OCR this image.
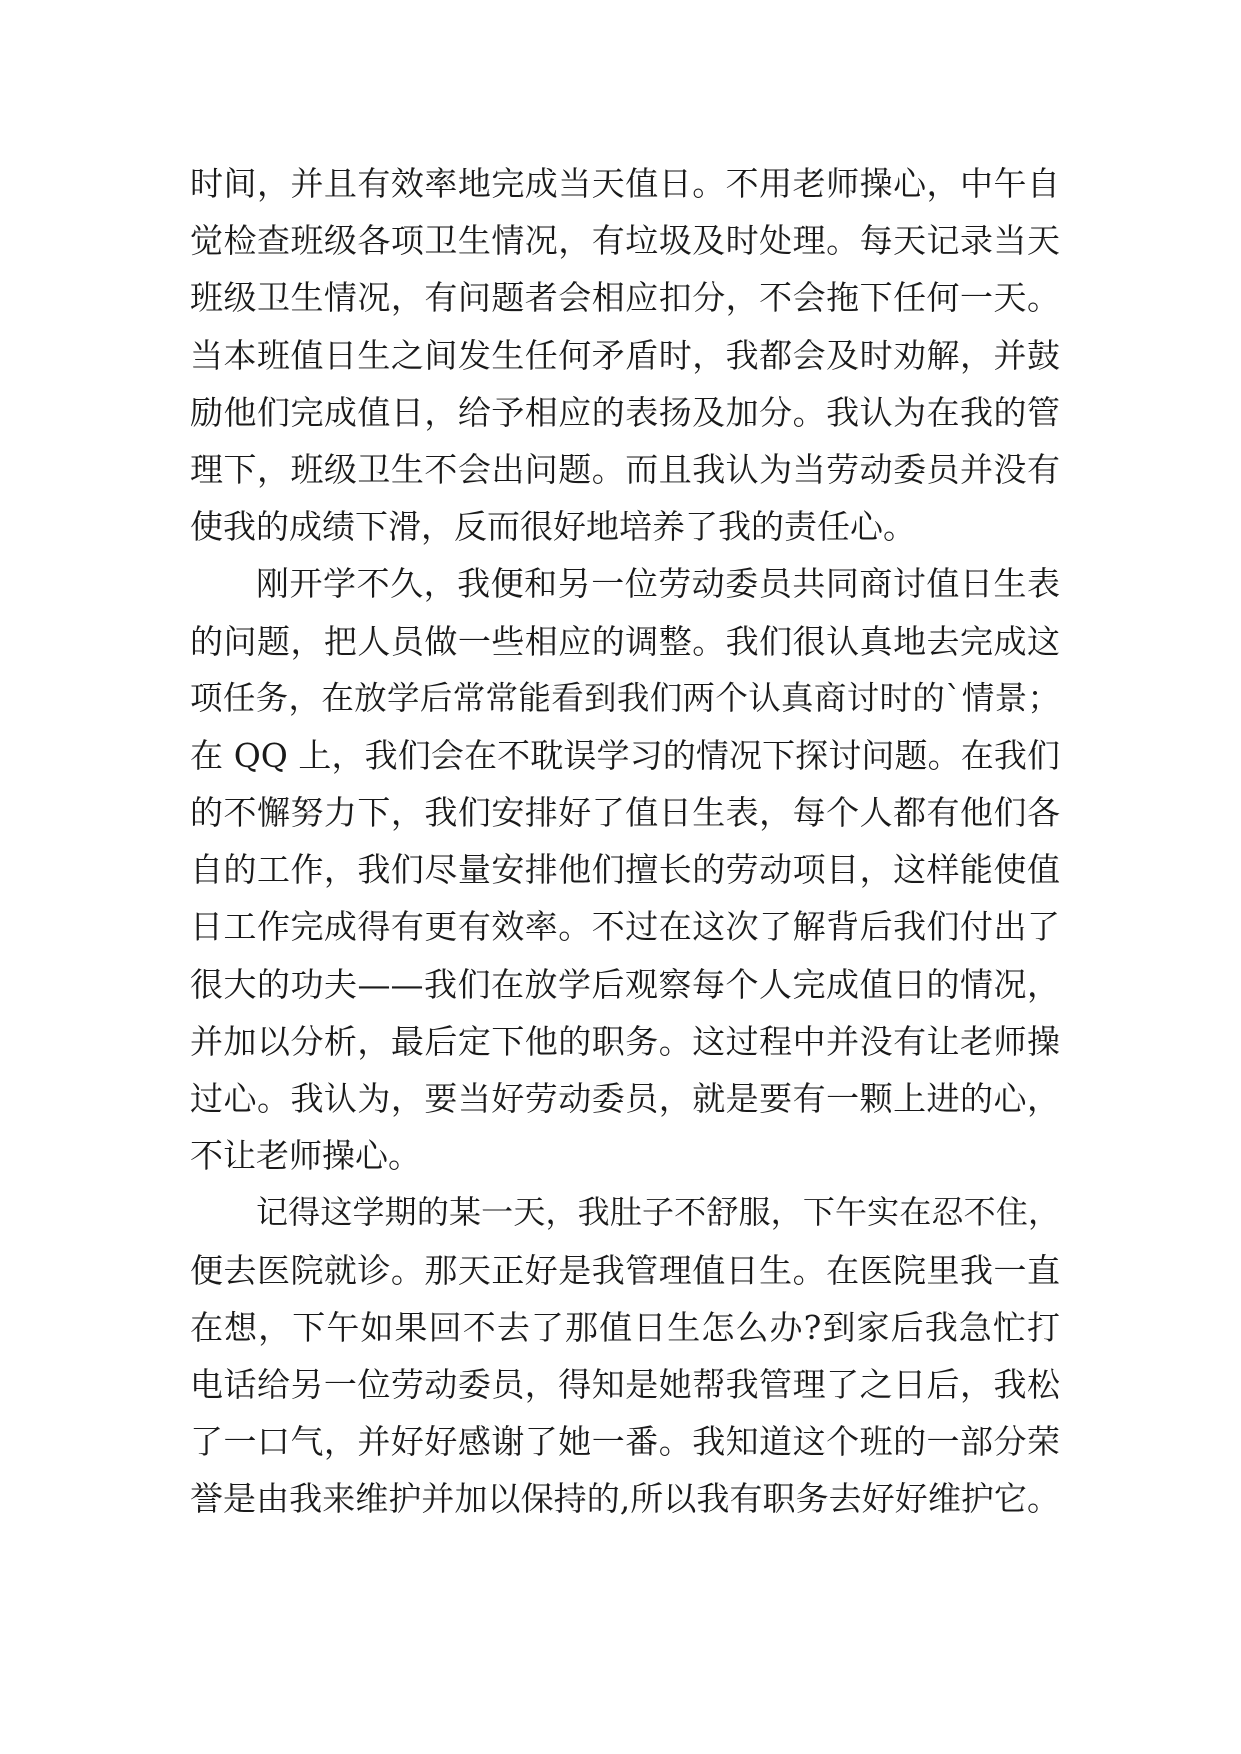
时间，并且有效率地完成当天值日。不用老师操心，中午自
觉检查班级各项卫生情况，有垃圾及时处理。每天记录当天
班级卫生情况，有问题者会相应扣分，不会拖下任何一天。
当本班值日生之间发生任何矛盾时，我都会及时劝解，并鼓
励他们完成值日，给予相应的表扬及加分。我认为在我的管
理下，班级卫生不会出问题。而且我认为当劳动委员并没有
使我的成绩下滑，反而很好地培养了我的责任心。
刚开学不久，我便和另一位劳动委员共同商讨值日生表
的问题，把人员做一些相应的调整。我们很认真地去完成这
项任务，在放学后常常能看到我们两个认真商讨时的`情景；
在 QQ 上，我们会在不耽误学习的情况下探讨问题。在我们
的不懈努力下，我们安排好了值日生表，每个人都有他们各
自的工作，我们尽量安排他们擅长的劳动项目，这样能使值
日工作完成得有更有效率。不过在这次了解背后我们付出了
很大的功夫——我们在放学后观察每个人完成值日的情况，
并加以分析，最后定下他的职务。这过程中并没有让老师操
过心。我认为，要当好劳动委员，就是要有一颗上进的心，
不让老师操心。
记得这学期的某一天，我肚子不舒服，下午实在忍不住，
便去医院就诊。那天正好是我管理值日生。在医院里我一直
在想，下午如果回不去了那值日生怎么办?到家后我急忙打
电话给另一位劳动委员，得知是她帮我管理了之日后，我松
了一口气，并好好感谢了她一番。我知道这个班的一部分荣
誉是由我来维护并加以保持的,所以我有职务去好好维护它。
